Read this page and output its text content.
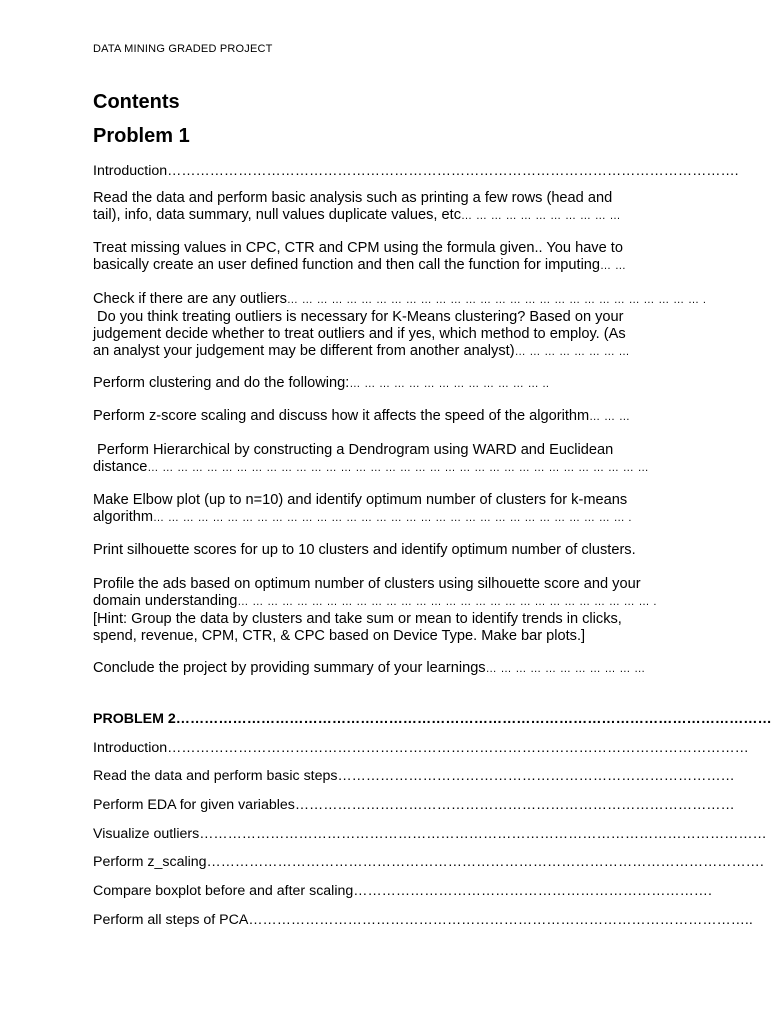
DATA MINING GRADED PROJECT
Contents
Problem 1
Introduction………………………………………………………………………………………………………….
Read the data and perform basic analysis such as printing a few rows (head and
tail), info, data summary, null values duplicate values, etc… … … … … … … … … … …
Treat missing values in CPC, CTR and CPM using the formula given.. You have to
basically create an user defined function and then call the function for imputing… …
Check if there are any outliers… … … … … … … … … … … … … … … … … … … … … … … … … … … … .
Do you think treating outliers is necessary for K-Means clustering? Based on your
judgement decide whether to treat outliers and if yes, which method to employ. (As
an analyst your judgement may be different from another analyst)… … … … … … … …
Perform clustering and do the following:… … … … … … … … … … … … … ..
Perform z-score scaling and discuss how it affects the speed of the algorithm… … …
Perform Hierarchical by constructing a Dendrogram using WARD and Euclidean
distance… … … … … … … … … … … … … … … … … … … … … … … … … … … … … … … … … …
Make Elbow plot (up to n=10) and identify optimum number of clusters for k-means
algorithm… … … … … … … … … … … … … … … … … … … … … … … … … … … … … … … … .
Print silhouette scores for up to 10 clusters and identify optimum number of clusters.
Profile the ads based on optimum number of clusters using silhouette score and your
domain understanding… … … … … … … … … … … … … … … … … … … … … … … … … … … … .
[Hint: Group the data by clusters and take sum or mean to identify trends in clicks,
spend, revenue, CPM, CTR, & CPC based on Device Type. Make bar plots.]
Conclude the project by providing summary of your learnings… … … … … … … … … … …
PROBLEM 2………………………………………………………………………………………………………………
Introduction……………………………………………………………………………………………………………
Read the data and perform basic steps…………………………………………………………………………
Perform EDA for given variables…………………………………………………………………………………
Visualize outliers…………………………………………………………………………………………………………
Perform z_scaling……………………………………………………………………………………………………….
Compare boxplot before and after scaling………………………………………………………………….
Perform all steps of PCA……………………………………………………………………………………………..
